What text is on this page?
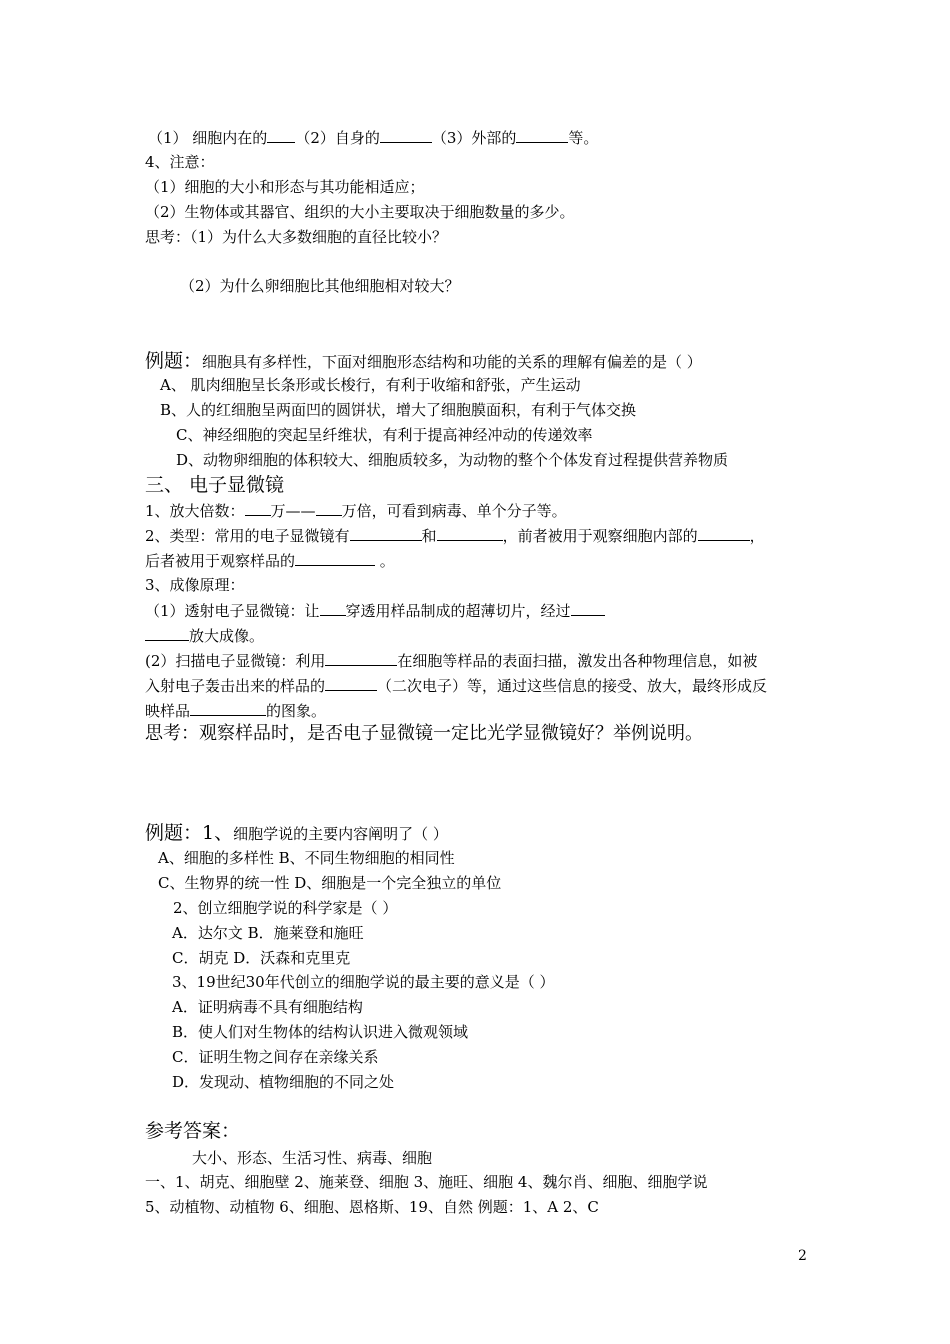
（1） 细胞内在的 （2）自身的	（3）外部的	等。
4、注意：
（1）细胞的大小和形态与其功能相适应；
（2）生物体或其器官、组织的大小主要取决于细胞数量的多少。
思考：（1）为什么大多数细胞的直径比较小？
（2）为什么卵细胞比其他细胞相对较大？
例题：细胞具有多样性，下面对细胞形态结构和功能的关系的理解有偏差的是（ ）
A、 肌肉细胞呈长条形或长梭行，有利于收缩和舒张，产生运动
B、人的红细胞呈两面凹的圆饼状，增大了细胞膜面积，有利于气体交换
C、神经细胞的突起呈纤维状，有利于提高神经冲动的传递效率
D、动物卵细胞的体积较大、细胞质较多，为动物的整个个体发育过程提供营养物质
三、 电子显微镜
1、放大倍数： 万—— 万倍，可看到病毒、单个分子等。
2、类型：常用的电子显微镜有	和	，前者被用于观察细胞内部的	，
后者被用于观察样品的	。
3、成像原理：
（1）透射电子显微镜：让 穿透用样品制成的超薄切片，经过
放大成像。
(2）扫描电子显微镜：利用	在细胞等样品的表面扫描，激发出各种物理信息，如被
入射电子轰击出来的样品的	（二次电子）等，通过这些信息的接受、放大，最终形成反
映样品	的图象。
思考：观察样品时，是否电子显微镜一定比光学显微镜好？举例说明。
例题：1、细胞学说的主要内容阐明了（ ）
A、细胞的多样性 B、不同生物细胞的相同性
C、生物界的统一性 D、细胞是一个完全独立的单位
2、创立细胞学说的科学家是（ ）
A．达尔文 B．施莱登和施旺
C．胡克 D．沃森和克里克
3、19世纪30年代创立的细胞学说的最主要的意义是（ ）
A．证明病毒不具有细胞结构
B．使人们对生物体的结构认识进入微观领域
C．证明生物之间存在亲缘关系
D．发现动、植物细胞的不同之处
参考答案：
大小、形态、生活习性、病毒、细胞
一、1、胡克、细胞壁 2、施莱登、细胞 3、施旺、细胞 4、魏尔肖、细胞、细胞学说
5、动植物、动植物 6、细胞、恩格斯、19、自然 例题：1、A 2、C
2
